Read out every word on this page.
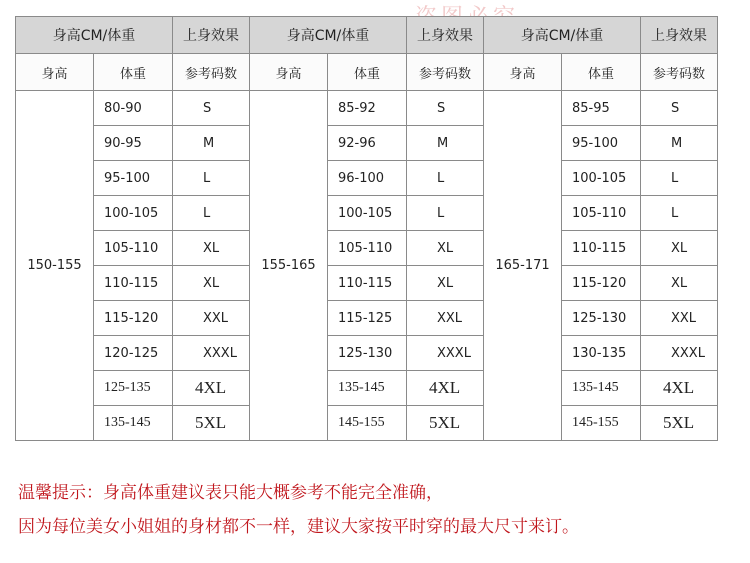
身高CM/体重		上身效果	身高CM/体重		上身效果	身高CM/体重		上身效果
身高	体重	参考码数	身高	体重	参考码数	身高	体重	参考码数
150-155	80-90	S	155-165	85-92	S	165-171	85-95	S
	90-95	M		92-96	M		95-100	M
	95-100	L		96-100	L		100-105	L
	100-105	L		100-105	L		105-110	L
	105-110	XL		105-110	XL		110-115	XL
	110-115	XL		110-115	XL		115-120	XL
	115-120	XXL		115-125	XXL		125-130	XXL
	120-125	XXXL		125-130	XXXL		130-135	XXXL
	125-135	4XL		135-145	4XL		135-145	4XL
	135-145	5XL		145-155	5XL		145-155	5XL
温馨提示：身高体重建议表只能大概参考不能完全准确，
因为每位美女小姐姐的身材都不一样，建议大家按平时穿的最大尺寸来订。
